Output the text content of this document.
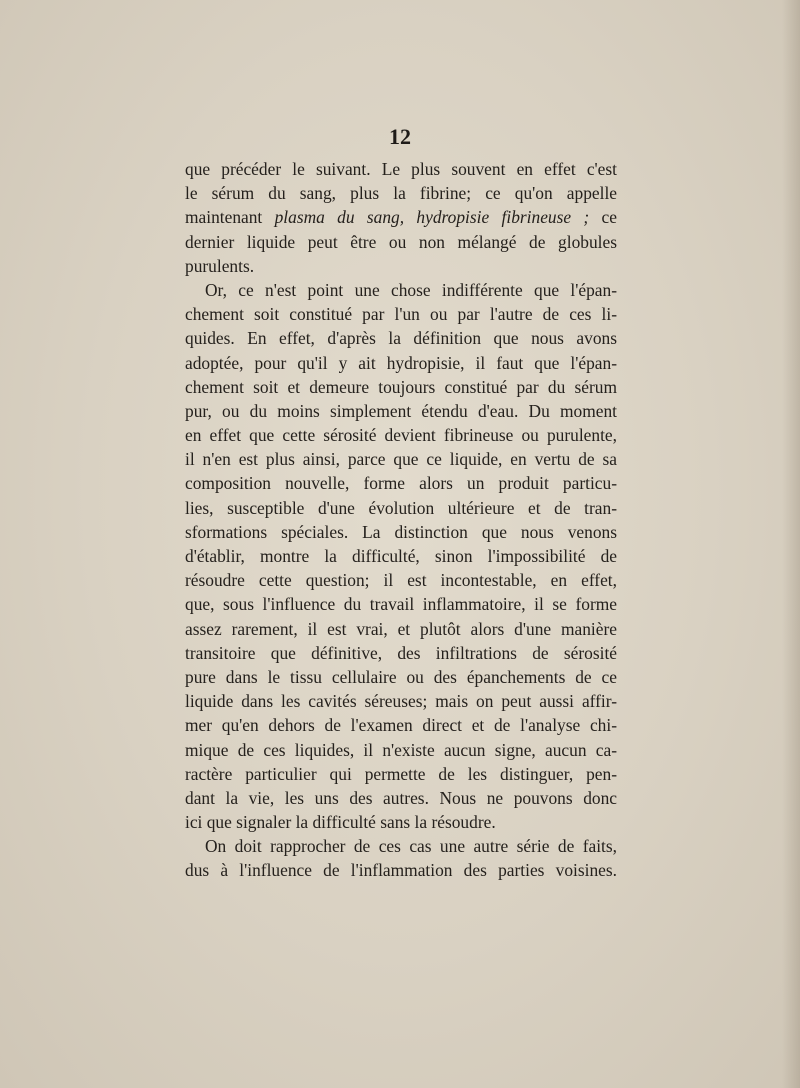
12
que précéder le suivant. Le plus souvent en effet c'est
le sérum du sang, plus la fibrine; ce qu'on appelle
maintenant plasma du sang, hydropisie fibrineuse ; ce
dernier liquide peut être ou non mélangé de globules
purulents.
Or, ce n'est point une chose indifférente que l'épan-
chement soit constitué par l'un ou par l'autre de ces li-
quides. En effet, d'après la définition que nous avons
adoptée, pour qu'il y ait hydropisie, il faut que l'épan-
chement soit et demeure toujours constitué par du sérum
pur, ou du moins simplement étendu d'eau. Du moment
en effet que cette sérosité devient fibrineuse ou purulente,
il n'en est plus ainsi, parce que ce liquide, en vertu de sa
composition nouvelle, forme alors un produit particu-
lies, susceptible d'une évolution ultérieure et de tran-
sformations spéciales. La distinction que nous venons
d'établir, montre la difficulté, sinon l'impossibilité de
résoudre cette question; il est incontestable, en effet,
que, sous l'influence du travail inflammatoire, il se forme
assez rarement, il est vrai, et plutôt alors d'une manière
transitoire que définitive, des infiltrations de sérosité
pure dans le tissu cellulaire ou des épanchements de ce
liquide dans les cavités séreuses; mais on peut aussi affir-
mer qu'en dehors de l'examen direct et de l'analyse chi-
mique de ces liquides, il n'existe aucun signe, aucun ca-
ractère particulier qui permette de les distinguer, pen-
dant la vie, les uns des autres. Nous ne pouvons donc
ici que signaler la difficulté sans la résoudre.
On doit rapprocher de ces cas une autre série de faits,
dus à l'influence de l'inflammation des parties voisines.
